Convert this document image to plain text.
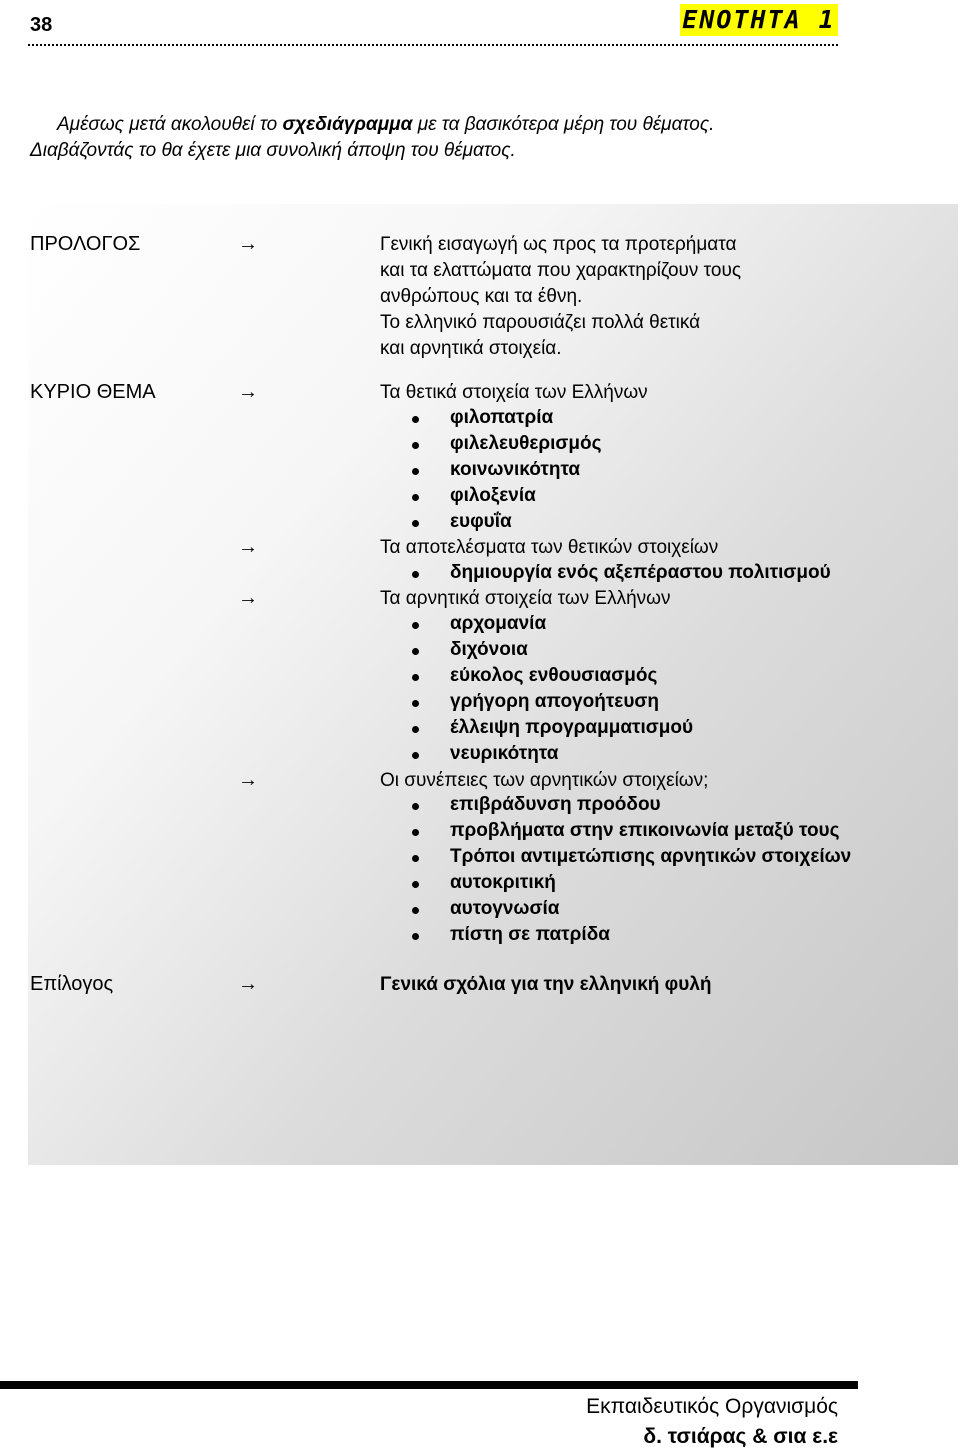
38	ΕΝΟΤΗΤΑ 1
Αμέσως μετά ακολουθεί το σχεδιάγραμμα με τα βασικότερα μέρη του θέματος.
Διαβάζοντάς το θα έχετε μια συνολική άποψη του θέματος.
ΠΡΟΛΟΓΟΣ	→	Γενική εισαγωγή ως προς τα προτερήματα
και τα ελαττώματα που χαρακτηρίζουν τους
ανθρώπους και τα έθνη.
Το ελληνικό παρουσιάζει πολλά θετικά
και αρνητικά στοιχεία.
ΚΥΡΙΟ ΘΕΜΑ	→	Τα θετικά στοιχεία των Ελλήνων
φιλοπατρία
φιλελευθερισμός
κοινωνικότητα
φιλοξενία
ευφυΐα
→	Τα αποτελέσματα των θετικών στοιχείων
δημιουργία ενός αξεπέραστου πολιτισμού
→	Τα αρνητικά στοιχεία των Ελλήνων
αρχομανία
διχόνοια
εύκολος ενθουσιασμός
γρήγορη απογοήτευση
έλλειψη προγραμματισμού
νευρικότητα
→	Οι συνέπειες των αρνητικών στοιχείων;
επιβράδυνση προόδου
προβλήματα στην επικοινωνία μεταξύ τους
Τρόποι αντιμετώπισης αρνητικών στοιχείων
αυτοκριτική
αυτογνωσία
πίστη σε πατρίδα
Επίλογος	→	Γενικά σχόλια για την ελληνική φυλή
Εκπαιδευτικός Οργανισμός
δ. τσιάρας & σια ε.ε
